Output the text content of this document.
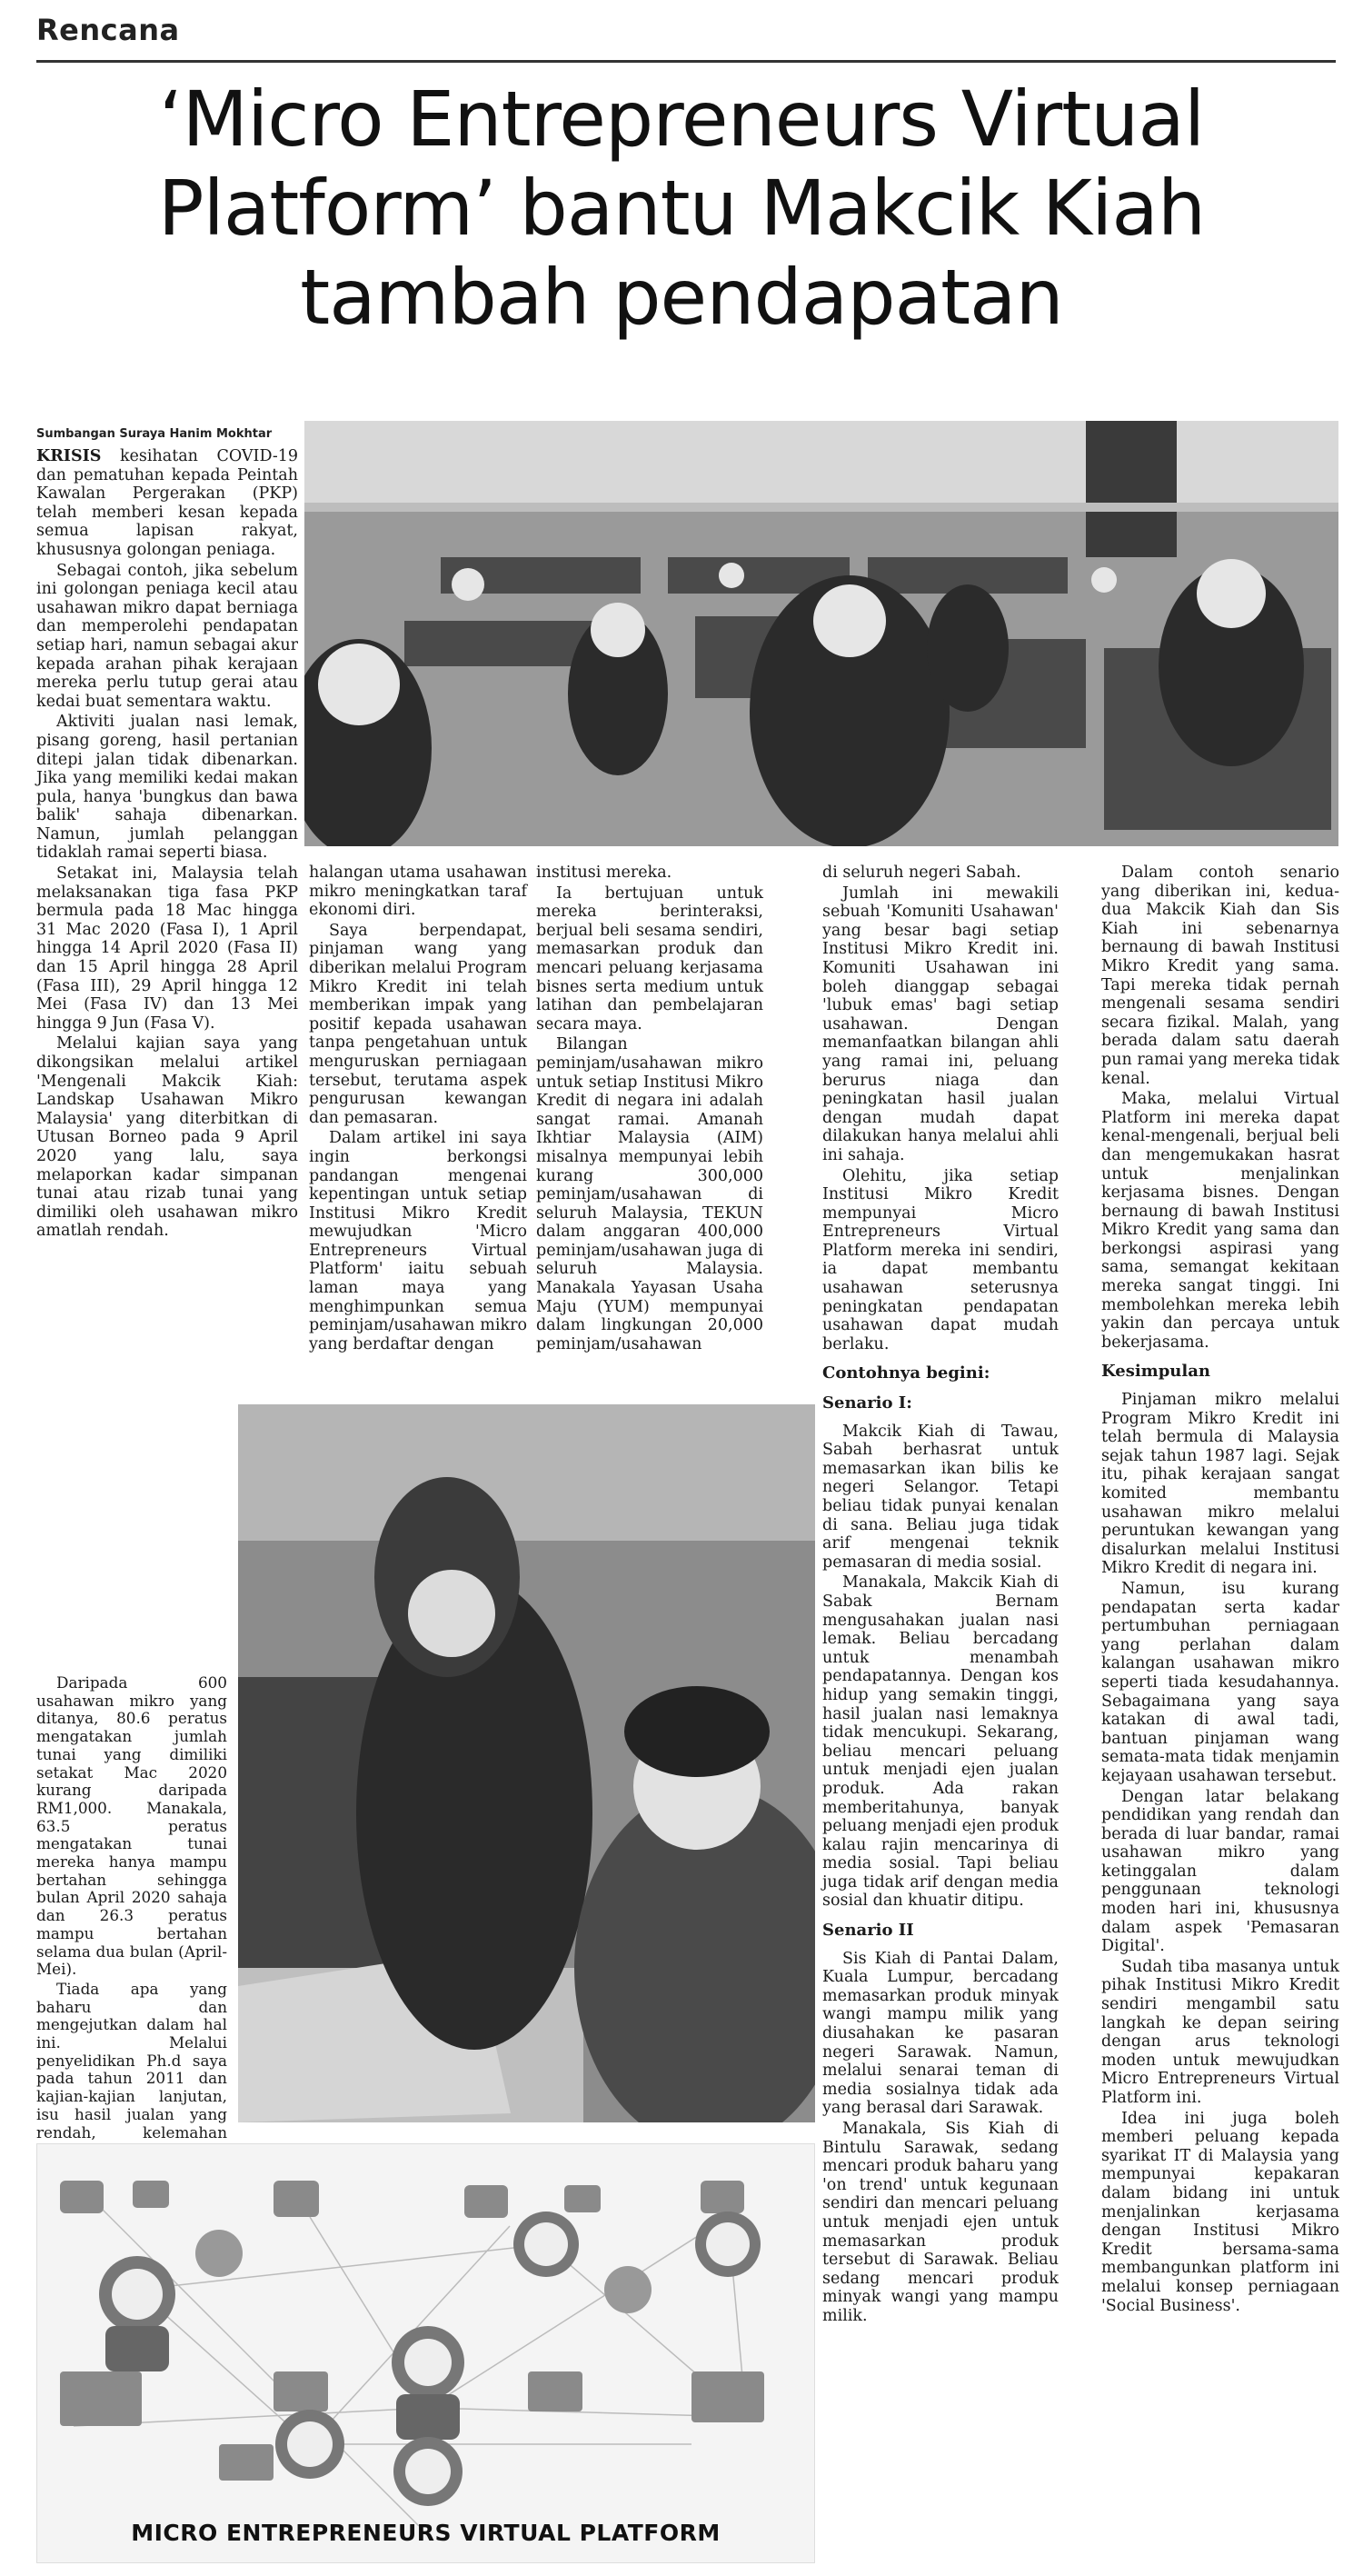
Rencana
‘Micro Entrepreneurs Virtual Platform’ bantu Makcik Kiah tambah pendapatan
Sumbangan Suraya Hanim Mokhtar

KRISIS kesihatan COVID-19 dan pematuhan kepada Peintah Kawalan Pergerakan (PKP) telah memberi kesan kepada semua lapisan rakyat, khususnya golongan peniaga.

Sebagai contoh, jika sebelum ini golongan peniaga kecil atau usahawan mikro dapat berniaga dan memperolehi pendapatan setiap hari, namun sebagai akur kepada arahan pihak kerajaan mereka perlu tutup gerai atau kedai buat sementara waktu.

Aktiviti jualan nasi lemak, pisang goreng, hasil pertanian ditepi jalan tidak dibenarkan. Jika yang memiliki kedai makan pula, hanya 'bungkus dan bawa balik' sahaja dibenarkan. Namun, jumlah pelanggan tidaklah ramai seperti biasa.

Setakat ini, Malaysia telah melaksanakan tiga fasa PKP bermula pada 18 Mac hingga 31 Mac 2020 (Fasa I), 1 April hingga 14 April 2020 (Fasa II) dan 15 April hingga 28 April (Fasa III), 29 April hingga 12 Mei (Fasa IV) dan 13 Mei hingga 9 Jun (Fasa V).

Melalui kajian saya yang dikongsikan melalui artikel 'Mengenali Makcik Kiah: Landskap Usahawan Mikro Malaysia' yang diterbitkan di Utusan Borneo pada 9 April 2020 yang lalu, saya melaporkan kadar simpanan tunai atau rizab tunai yang dimiliki oleh usahawan mikro amatlah rendah.

Daripada 600 usahawan mikro yang ditanya, 80.6 peratus mengatakan jumlah tunai yang dimiliki setakat Mac 2020 kurang daripada RM1,000. Manakala, 63.5 peratus mengatakan tunai mereka hanya mampu bertahan sehingga bulan April 2020 sahaja dan 26.3 peratus mampu bertahan selama dua bulan (April-Mei).

Tiada apa yang baharu dan mengejutkan dalam hal ini. Melalui penyelidikan Ph.d saya pada tahun 2011 dan kajian-kajian lanjutan, isu hasil jualan yang rendah, kelemahan

halangan utama usahawan mikro meningkatkan taraf ekonomi diri.

Saya berpendapat, pinjaman wang yang diberikan melalui Program Mikro Kredit ini telah memberikan impak yang positif kepada usahawan tanpa pengetahuan untuk menguruskan perniagaan tersebut, terutama aspek pengurusan kewangan dan pemasaran.

Dalam artikel ini saya ingin berkongsi pandangan mengenai kepentingan untuk setiap Institusi Mikro Kredit mewujudkan 'Micro Entrepreneurs Virtual Platform' iaitu sebuah laman maya yang menghimpunkan semua peminjam/usahawan mikro yang berdaftar dengan

institusi mereka.

Ia bertujuan untuk mereka berinteraksi, berjual beli sesama sendiri, memasarkan produk dan mencari peluang kerjasama bisnes serta medium untuk latihan dan pembelajaran secara maya.

Bilangan peminjam/usahawan mikro untuk setiap Institusi Mikro Kredit di negara ini adalah sangat ramai. Amanah Ikhtiar Malaysia (AIM) misalnya mempunyai lebih kurang 300,000 peminjam/usahawan di seluruh Malaysia, TEKUN dalam anggaran 400,000 peminjam/usahawan juga di seluruh Malaysia. Manakala Yayasan Usaha Maju (YUM) mempunyai dalam lingkungan 20,000 peminjam/usahawan

di seluruh negeri Sabah.

Jumlah ini mewakili sebuah 'Komuniti Usahawan' yang besar bagi setiap Institusi Mikro Kredit ini. Komuniti Usahawan ini boleh dianggap sebagai 'lubuk emas' bagi setiap usahawan. Dengan memanfaatkan bilangan ahli yang ramai ini, peluang berurus niaga dan peningkatan hasil jualan dengan mudah dapat dilakukan hanya melalui ahli ini sahaja.

Olehitu, jika setiap Institusi Mikro Kredit mempunyai Micro Entrepreneurs Virtual Platform mereka ini sendiri, ia dapat membantu usahawan seterusnya peningkatan pendapatan usahawan dapat mudah berlaku.

Contohnya begini:

Senario I:

Makcik Kiah di Tawau, Sabah berhasrat untuk memasarkan ikan bilis ke negeri Selangor. Tetapi beliau tidak punyai kenalan di sana. Beliau juga tidak arif mengenai teknik pemasaran di media sosial.

Manakala, Makcik Kiah di Sabak Bernam mengusahakan jualan nasi lemak. Beliau bercadang untuk menambah pendapatannya. Dengan kos hidup yang semakin tinggi, hasil jualan nasi lemaknya tidak mencukupi. Sekarang, beliau mencari peluang untuk menjadi ejen jualan produk. Ada rakan memberitahunya, banyak peluang menjadi ejen produk kalau rajin mencarinya di media sosial. Tapi beliau juga tidak arif dengan media sosial dan khuatir ditipu.

Senario II

Sis Kiah di Pantai Dalam, Kuala Lumpur, bercadang memasarkan produk minyak wangi mampu milik yang diusahakan ke pasaran negeri Sarawak. Namun, melalui senarai teman di media sosialnya tidak ada yang berasal dari Sarawak.

Manakala, Sis Kiah di Bintulu Sarawak, sedang mencari produk baharu yang 'on trend' untuk kegunaan sendiri dan mencari peluang untuk menjadi ejen untuk memasarkan produk tersebut di Sarawak. Beliau sedang mencari produk minyak wangi yang mampu milik.

Dalam contoh senario yang diberikan ini, kedua-dua Makcik Kiah dan Sis Kiah ini sebenarnya bernaung di bawah Institusi Mikro Kredit yang sama. Tapi mereka tidak pernah mengenali sesama sendiri secara fizikal. Malah, yang berada dalam satu daerah pun ramai yang mereka tidak kenal.

Maka, melalui Virtual Platform ini mereka dapat kenal-mengenali, berjual beli dan mengemukakan hasrat untuk menjalinkan kerjasama bisnes. Dengan bernaung di bawah Institusi Mikro Kredit yang sama dan berkongsi aspirasi yang sama, semangat kekitaan mereka sangat tinggi. Ini membolehkan mereka lebih yakin dan percaya untuk bekerjasama.

Kesimpulan

Pinjaman mikro melalui Program Mikro Kredit ini telah bermula di Malaysia sejak tahun 1987 lagi. Sejak itu, pihak kerajaan sangat komited membantu usahawan mikro melalui peruntukan kewangan yang disalurkan melalui Institusi Mikro Kredit di negara ini.

Namun, isu kurang pendapatan serta kadar pertumbuhan perniagaan yang perlahan dalam kalangan usahawan mikro seperti tiada kesudahannya. Sebagaimana yang saya katakan di awal tadi, bantuan pinjaman wang semata-mata tidak menjamin kejayaan usahawan tersebut.

Dengan latar belakang pendidikan yang rendah dan berada di luar bandar, ramai usahawan mikro yang ketinggalan dalam penggunaan teknologi moden hari ini, khususnya dalam aspek 'Pemasaran Digital'.

Sudah tiba masanya untuk pihak Institusi Mikro Kredit sendiri mengambil satu langkah ke depan seiring dengan arus teknologi moden untuk mewujudkan Micro Entrepreneurs Virtual Platform ini.

Idea ini juga boleh memberi peluang kepada syarikat IT di Malaysia yang mempunyai kepakaran dalam bidang ini untuk menjalinkan kerjasama dengan Institusi Mikro Kredit bersama-sama membangunkan platform ini melalui konsep perniagaan 'Social Business'.

MICRO ENTREPRENEURS VIRTUAL PLATFORM
